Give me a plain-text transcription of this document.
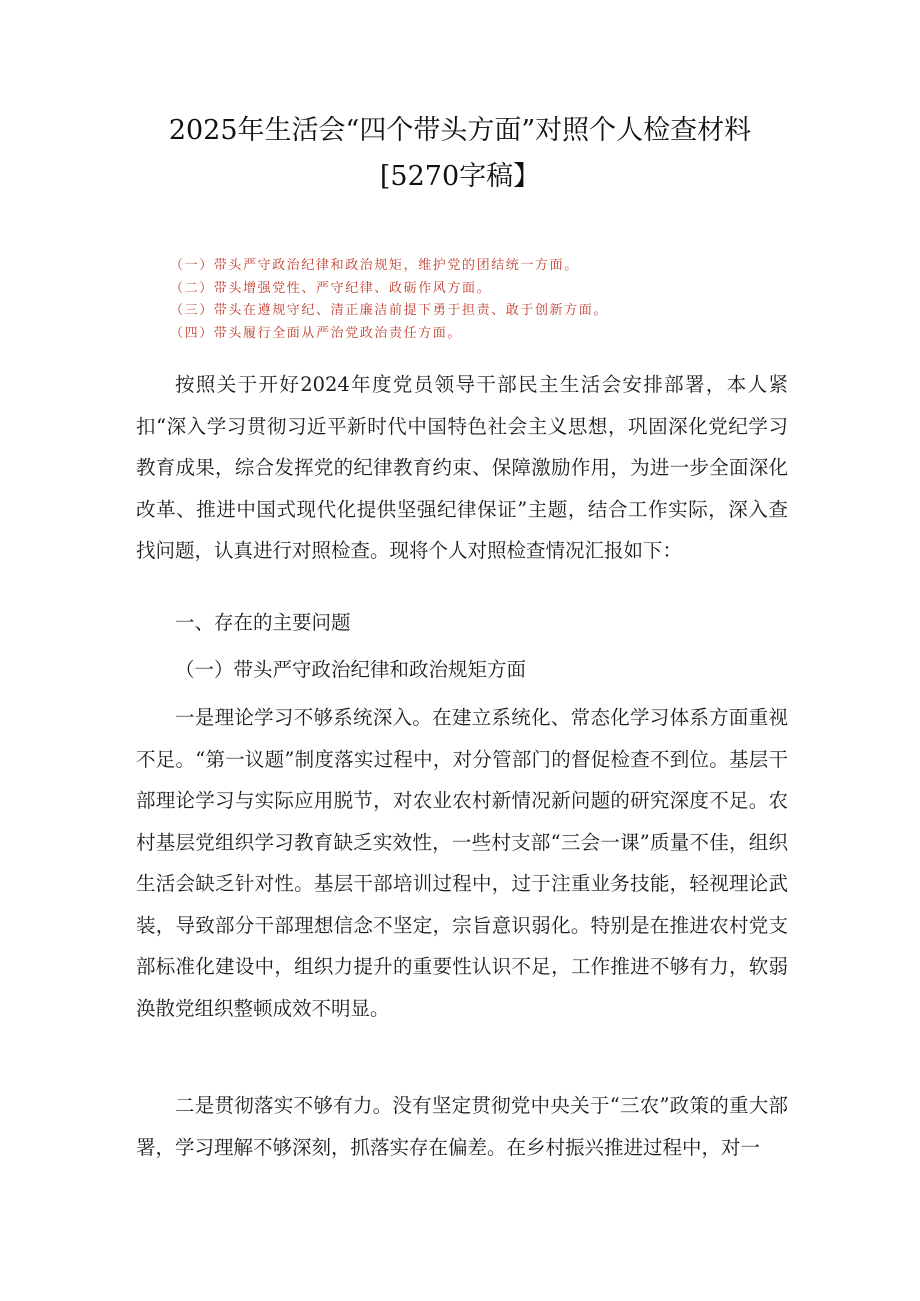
2025年生活会“四个带头方面”对照个人检查材料
[5270字稿】
（一）带头严守政治纪律和政治规矩，维护党的团结统一方面。
（二）带头增强党性、严守纪律、政砺作风方面。
（三）带头在遵规守纪、清正廉洁前提下勇于担责、敢于创新方面。
（四）带头履行全面从严治党政治责任方面。
按照关于开好2024年度党员领导干部民主生活会安排部署，本人紧扣“深入学习贯彻习近平新时代中国特色社会主义思想，巩固深化党纪学习教育成果，综合发挥党的纪律教育约束、保障激励作用，为进一步全面深化改革、推进中国式现代化提供坚强纪律保证”主题，结合工作实际，深入查找问题，认真进行对照检查。现将个人对照检查情况汇报如下：
一、存在的主要问题
（一）带头严守政治纪律和政治规矩方面
一是理论学习不够系统深入。在建立系统化、常态化学习体系方面重视不足。“第一议题”制度落实过程中，对分管部门的督促检查不到位。基层干部理论学习与实际应用脱节，对农业农村新情况新问题的研究深度不足。农村基层党组织学习教育缺乏实效性，一些村支部“三会一课”质量不佳，组织生活会缺乏针对性。基层干部培训过程中，过于注重业务技能，轻视理论武装，导致部分干部理想信念不坚定，宗旨意识弱化。特别是在推进农村党支部标准化建设中，组织力提升的重要性认识不足，工作推进不够有力，软弱涣散党组织整顿成效不明显。
二是贯彻落实不够有力。没有坚定贯彻党中央关于“三农”政策的重大部署，学习理解不够深刻，抓落实存在偏差。在乡村振兴推进过程中，对一
